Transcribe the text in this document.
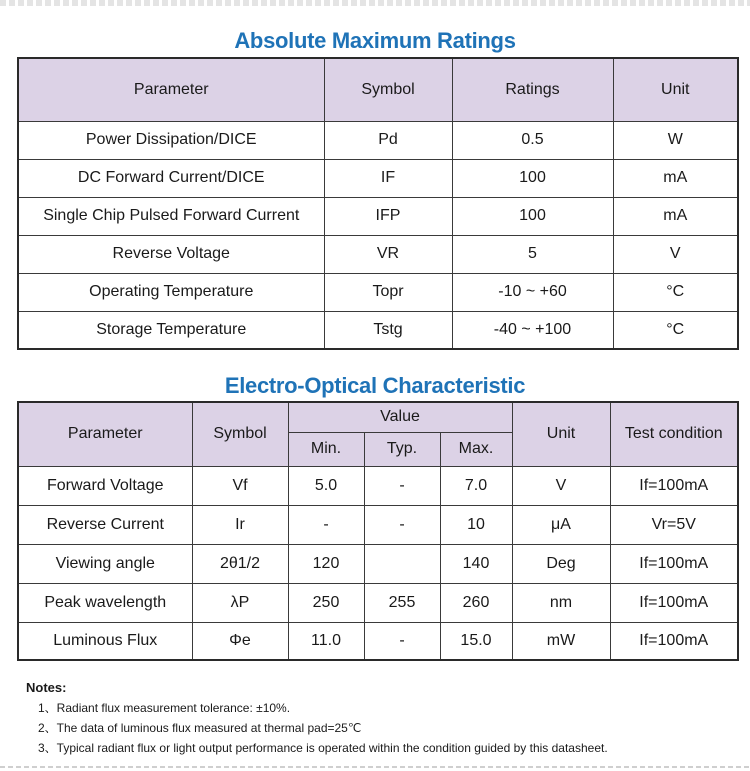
Absolute Maximum Ratings
Parameter	Symbol	Ratings	Unit
Power Dissipation/DICE	Pd	0.5	W
DC Forward Current/DICE	IF	100	mA
Single Chip Pulsed Forward Current	IFP	100	mA
Reverse Voltage	VR	5	V
Operating Temperature	Topr	-10 ~ +60	°C
Storage Temperature	Tstg	-40 ~ +100	°C
Electro-Optical Characteristic
Parameter	Symbol	Value			Unit	Test condition
		Min.	Typ.	Max.		
Forward Voltage	Vf	5.0	-	7.0	V	If=100mA
Reverse Current	Ir	-	-	10	μA	Vr=5V
Viewing angle	2θ1/2	120		140	Deg	If=100mA
Peak wavelength	λP	250	255	260	nm	If=100mA
Luminous Flux	Φe	11.0	-	15.0	mW	If=100mA
Notes:
1、Radiant flux measurement tolerance: ±10%.
2、The data of luminous flux measured at thermal pad=25℃
3、Typical radiant flux or light output performance is operated within the condition guided by this datasheet.
